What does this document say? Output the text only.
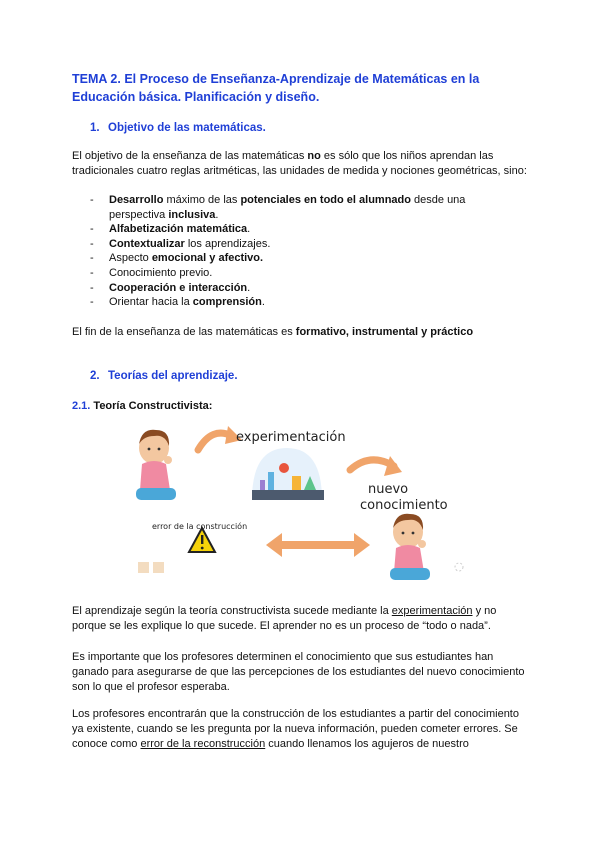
TEMA 2. El Proceso de Enseñanza-Aprendizaje de Matemáticas en la Educación básica. Planificación y diseño.
1. Objetivo de las matemáticas.
El objetivo de la enseñanza de las matemáticas no es sólo que los niños aprendan las tradicionales cuatro reglas aritméticas, las unidades de medida y nociones geométricas, sino:
- Desarrollo máximo de las potenciales en todo el alumnado desde una perspectiva inclusiva.
- Alfabetización matemática.
- Contextualizar los aprendizajes.
- Aspecto emocional y afectivo.
- Conocimiento previo.
- Cooperación e interacción.
- Orientar hacia la comprensión.
El fin de la enseñanza de las matemáticas es formativo, instrumental y práctico
2. Teorías del aprendizaje.
2.1. Teoría Constructivista:
experimentación
nuevo
conocimiento
error de la construcción
El aprendizaje según la teoría constructivista sucede mediante la experimentación y no porque se les explique lo que sucede. El aprender no es un proceso de “todo o nada”.
Es importante que los profesores determinen el conocimiento que sus estudiantes han ganado para asegurarse de que las percepciones de los estudiantes del nuevo conocimiento son lo que el profesor esperaba.
Los profesores encontrarán que la construcción de los estudiantes a partir del conocimiento ya existente, cuando se les pregunta por la nueva información, pueden cometer errores. Se conoce como error de la reconstrucción cuando llenamos los agujeros de nuestro
